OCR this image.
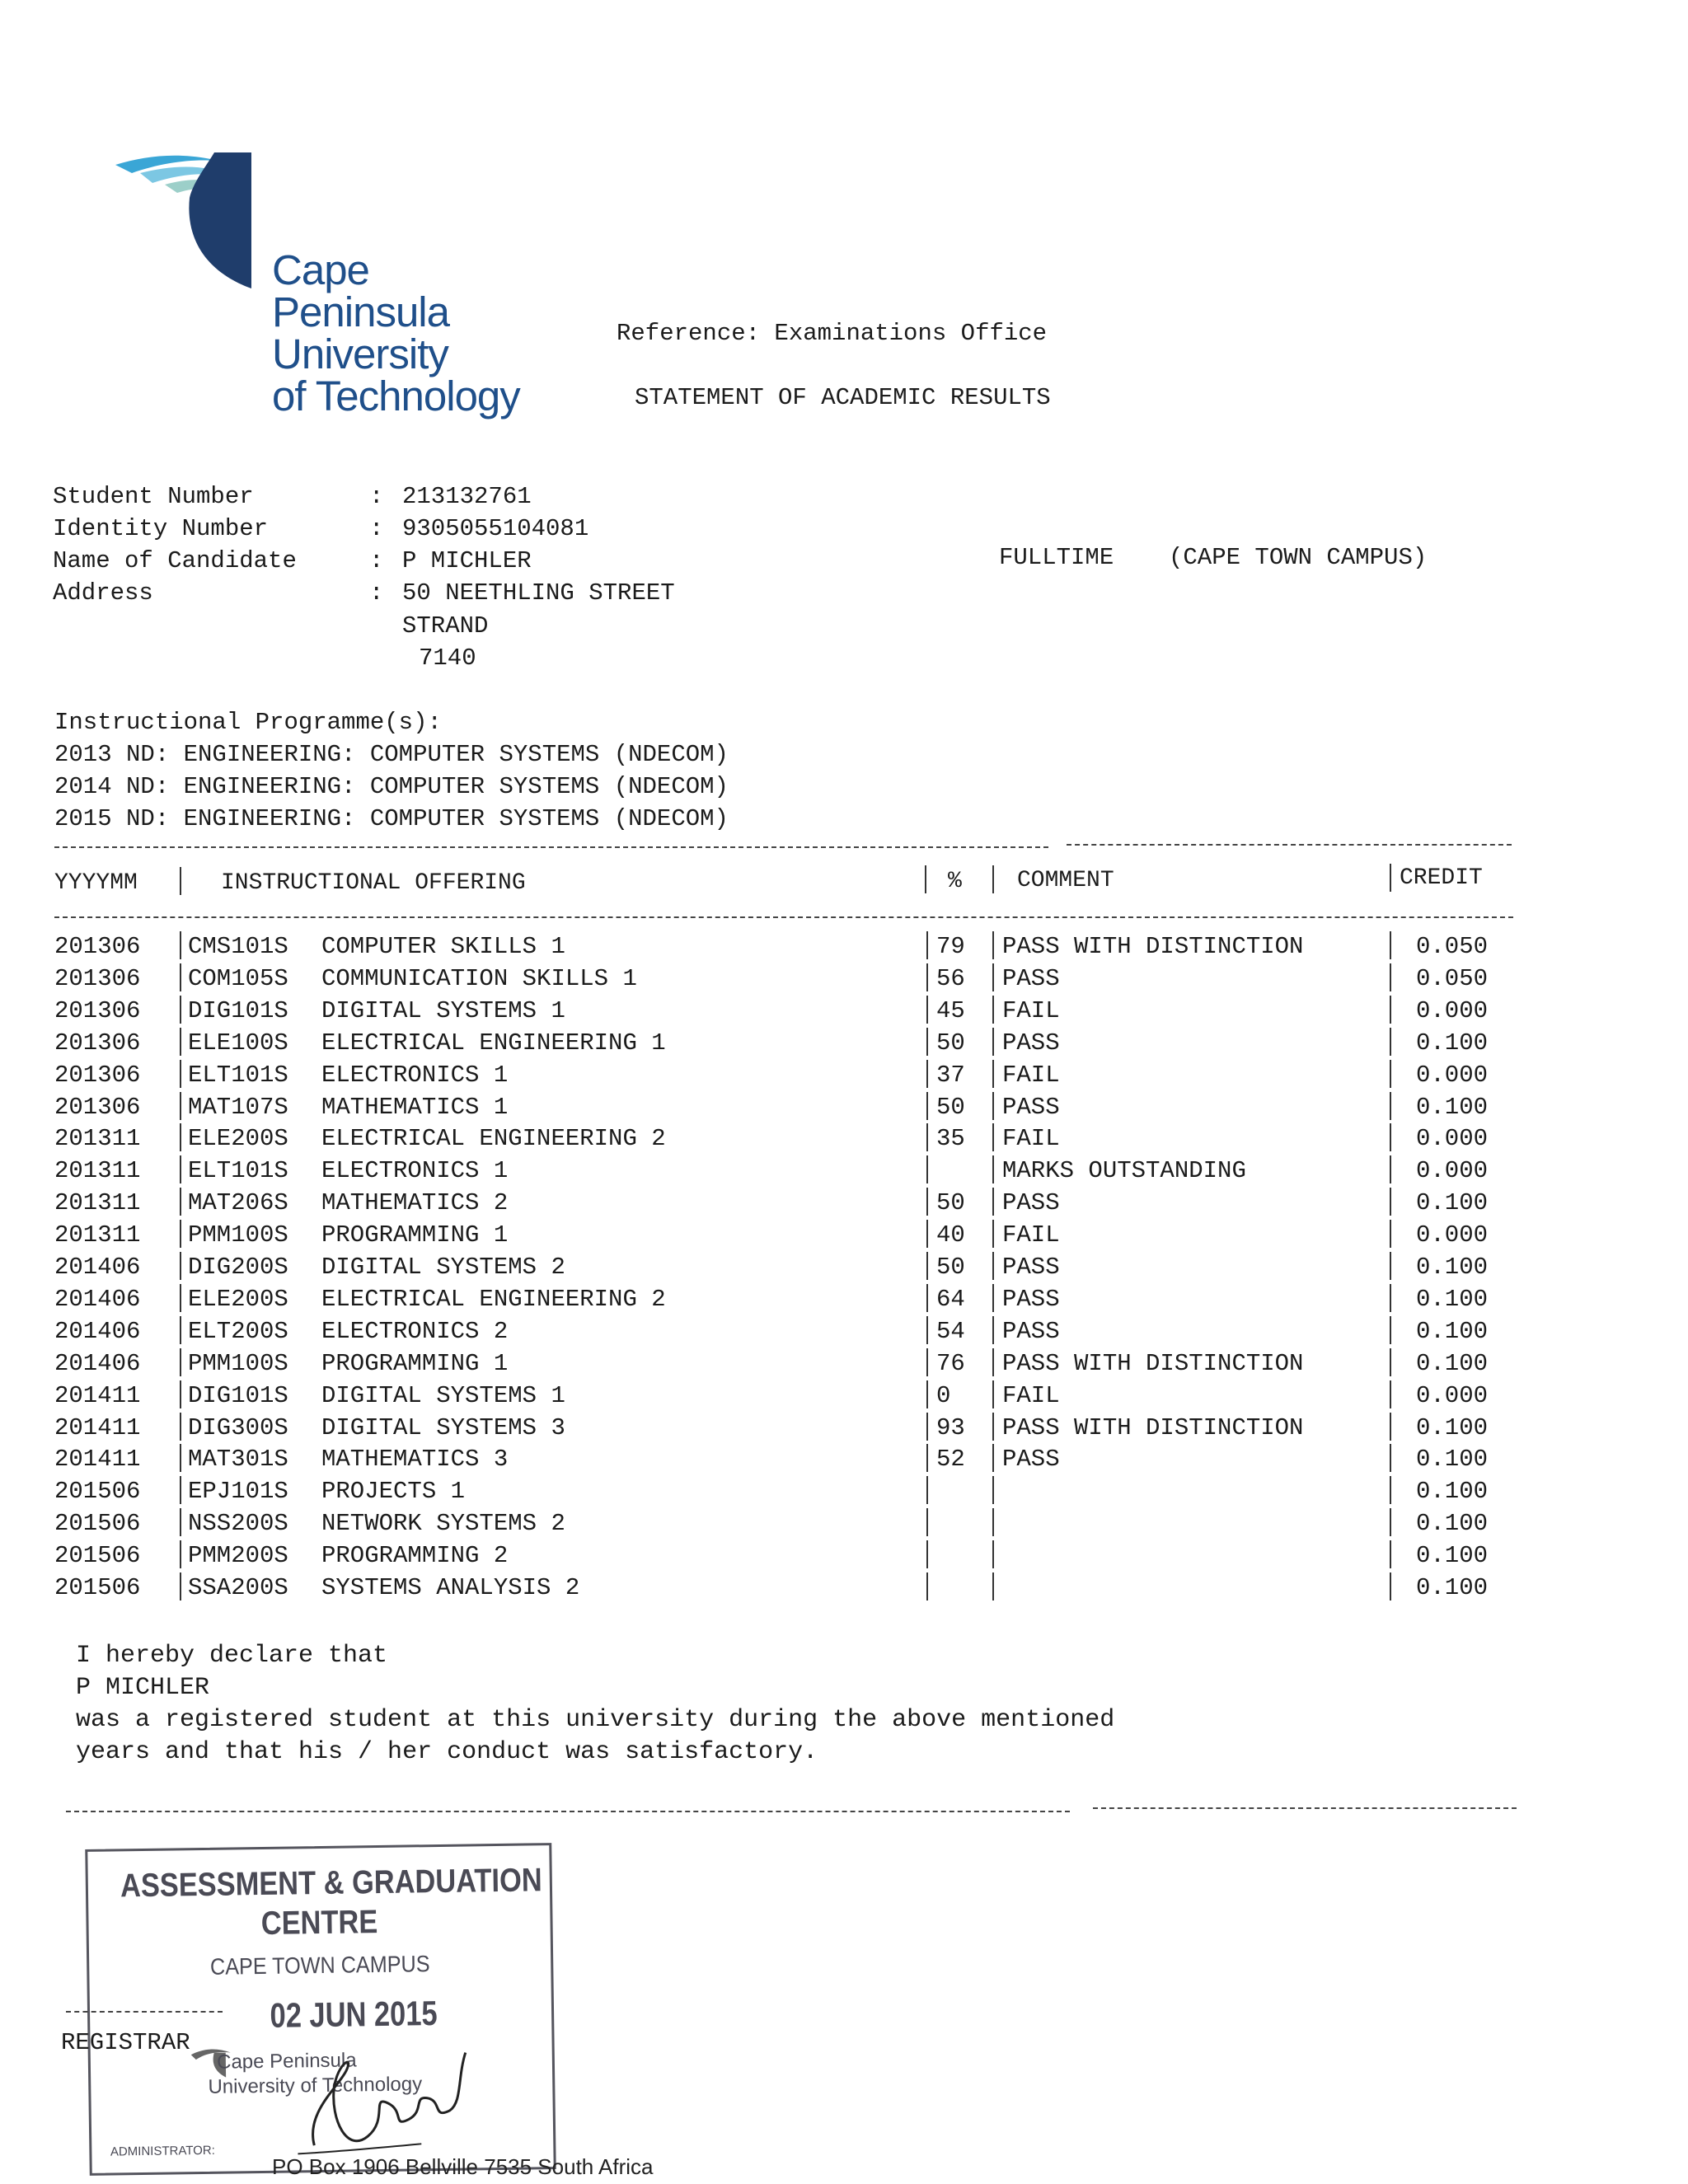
Cape
Peninsula
University
of Technology
Reference: Examinations Office
STATEMENT OF ACADEMIC RESULTS
Student Number	: 213132761
Identity Number	: 9305055104081
Name of Candidate	: P MICHLER
Address	: 50 NEETHLING STREET
STRAND
7140
FULLTIME (CAPE TOWN CAMPUS)
Instructional Programme(s):
2013 ND: ENGINEERING: COMPUTER SYSTEMS (NDECOM)
2014 ND: ENGINEERING: COMPUTER SYSTEMS (NDECOM)
2015 ND: ENGINEERING: COMPUTER SYSTEMS (NDECOM)
YYYYMM	INSTRUCTIONAL OFFERING	% COMMENT	CREDIT
201306 CMS101S COMPUTER SKILLS 1	79 PASS WITH DISTINCTION	0.050
201306 COM105S COMMUNICATION SKILLS 1	56 PASS	0.050
201306 DIG101S DIGITAL SYSTEMS 1	45 FAIL	0.000
201306 ELE100S ELECTRICAL ENGINEERING 1	50 PASS	0.100
201306 ELT101S ELECTRONICS 1	37 FAIL	0.000
201306 MAT107S MATHEMATICS 1	50 PASS	0.100
201311 ELE200S ELECTRICAL ENGINEERING 2	35 FAIL	0.000
201311 ELT101S ELECTRONICS 1	MARKS OUTSTANDING	0.000
201311 MAT206S MATHEMATICS 2	50 PASS	0.100
201311 PMM100S PROGRAMMING 1	40 FAIL	0.000
201406 DIG200S DIGITAL SYSTEMS 2	50 PASS	0.100
201406 ELE200S ELECTRICAL ENGINEERING 2	64 PASS	0.100
201406 ELT200S ELECTRONICS 2	54 PASS	0.100
201406 PMM100S PROGRAMMING 1	76 PASS WITH DISTINCTION	0.100
201411 DIG101S DIGITAL SYSTEMS 1	0 FAIL	0.000
201411 DIG300S DIGITAL SYSTEMS 3	93 PASS WITH DISTINCTION	0.100
201411 MAT301S MATHEMATICS 3	52 PASS	0.100
201506 EPJ101S PROJECTS 1	0.100
201506 NSS200S NETWORK SYSTEMS 2	0.100
201506 PMM200S PROGRAMMING 2	0.100
201506 SSA200S SYSTEMS ANALYSIS 2	0.100
I hereby declare that
P MICHLER
was a registered student at this university during the above mentioned
years and that his / her conduct was satisfactory.
ASSESSMENT & GRADUATION
CENTRE
CAPE TOWN CAMPUS
02 JUN 2015
Cape Peninsula
University of Technology
ADMINISTRATOR:
REGISTRAR
PO Box 1906 Bellville 7535 South Africa
